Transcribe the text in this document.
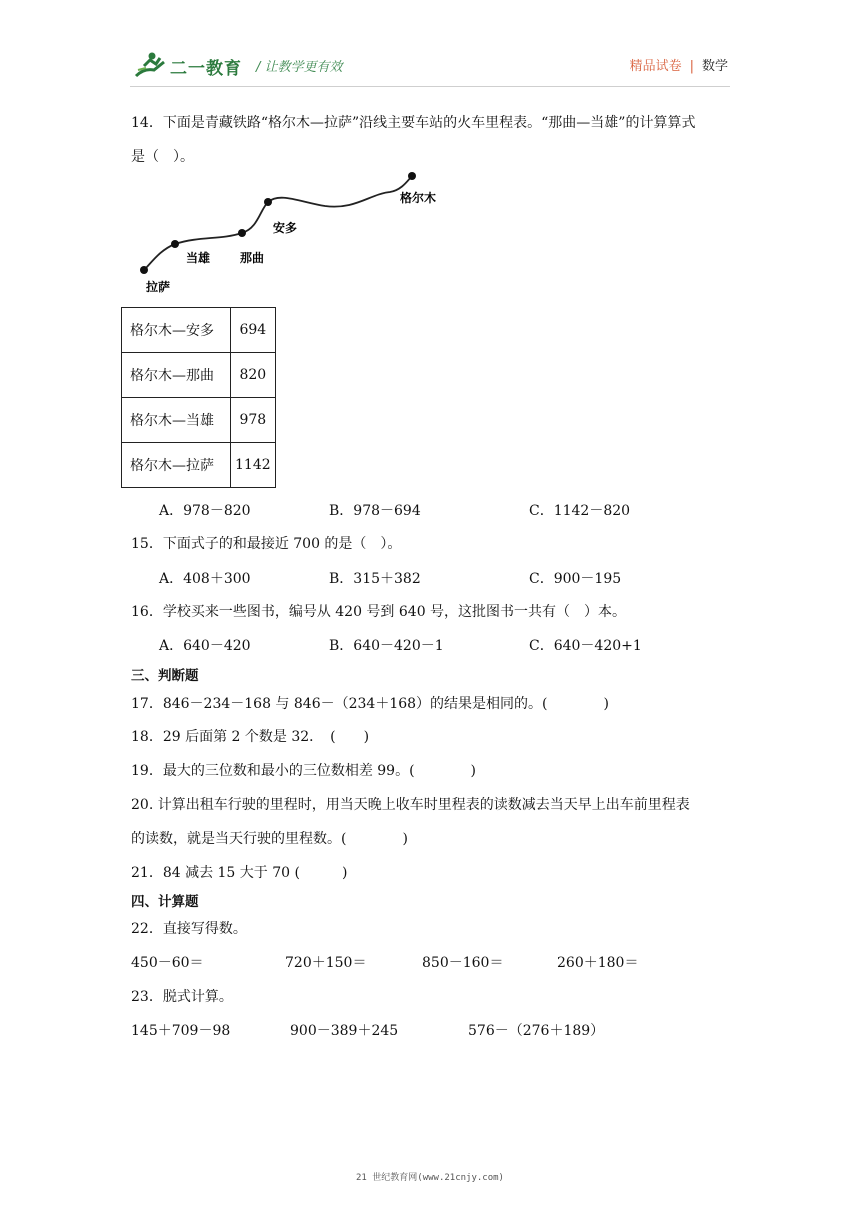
二一教育 / 让教学更有效	精品试卷 | 数学
14．下面是青藏铁路“格尔木—拉萨”沿线主要车站的火车里程表。“那曲—当雄”的计算算式
是（　）。
格尔木
安多
那曲
当雄
拉萨
格尔木—安多	694
格尔木—那曲	820
格尔木—当雄	978
格尔木—拉萨	1142
A．978－820	B．978－694	C．1142－820
15．下面式子的和最接近 700 的是（　）。
A．408＋300	B．315＋382	C．900－195
16．学校买来一些图书，编号从 420 号到 640 号，这批图书一共有（　）本。
A．640－420	B．640－420－1	C．640－420+1
三、判断题
17．846－234－168 与 846－（234＋168）的结果是相同的。(　　　　)
18．29 后面第 2 个数是 32．　(　　)
19．最大的三位数和最小的三位数相差 99。(　　　　)
20. 计算出租车行驶的里程时，用当天晚上收车时里程表的读数减去当天早上出车前里程表
的读数，就是当天行驶的里程数。(　　　　)
21．84 减去 15 大于 70 (　　　)
四、计算题
22．直接写得数。
450－60＝	720＋150＝	850－160＝	260＋180＝
23．脱式计算。
145＋709－98	900－389＋245	576－（276＋189）
21 世纪教育网(www.21cnjy.com)
